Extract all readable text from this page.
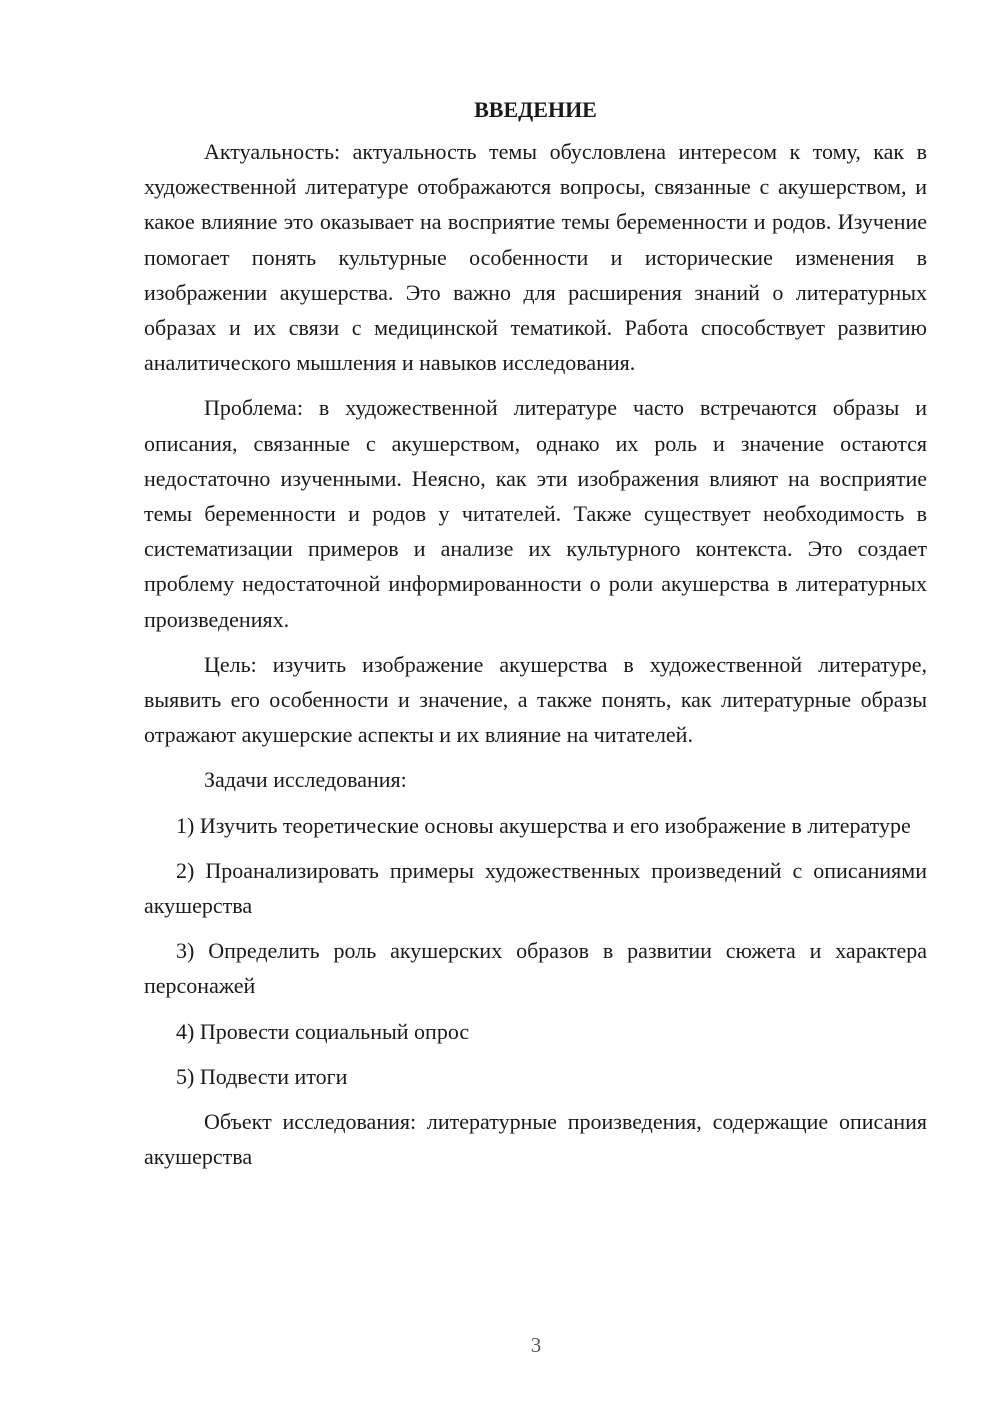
ВВЕДЕНИЕ

Актуальность: актуальность темы обусловлена интересом к тому, как в художественной литературе отображаются вопросы, связанные с акушерством, и какое влияние это оказывает на восприятие темы беременности и родов. Изучение помогает понять культурные особенности и исторические изменения в изображении акушерства. Это важно для расширения знаний о литературных образах и их связи с медицинской тематикой. Работа способствует развитию аналитического мышления и навыков исследования.

Проблема: в художественной литературе часто встречаются образы и описания, связанные с акушерством, однако их роль и значение остаются недостаточно изученными. Неясно, как эти изображения влияют на восприятие темы беременности и родов у читателей. Также существует необходимость в систематизации примеров и анализе их культурного контекста. Это создает проблему недостаточной информированности о роли акушерства в литературных произведениях.

Цель: изучить изображение акушерства в художественной литературе, выявить его особенности и значение, а также понять, как литературные образы отражают акушерские аспекты и их влияние на читателей.

Задачи исследования:

1) Изучить теоретические основы акушерства и его изображение в литературе

2) Проанализировать примеры художественных произведений с описаниями акушерства

3) Определить роль акушерских образов в развитии сюжета и характера персонажей

4) Провести социальный опрос

5) Подвести итоги

Объект исследования: литературные произведения, содержащие описания акушерства

3
